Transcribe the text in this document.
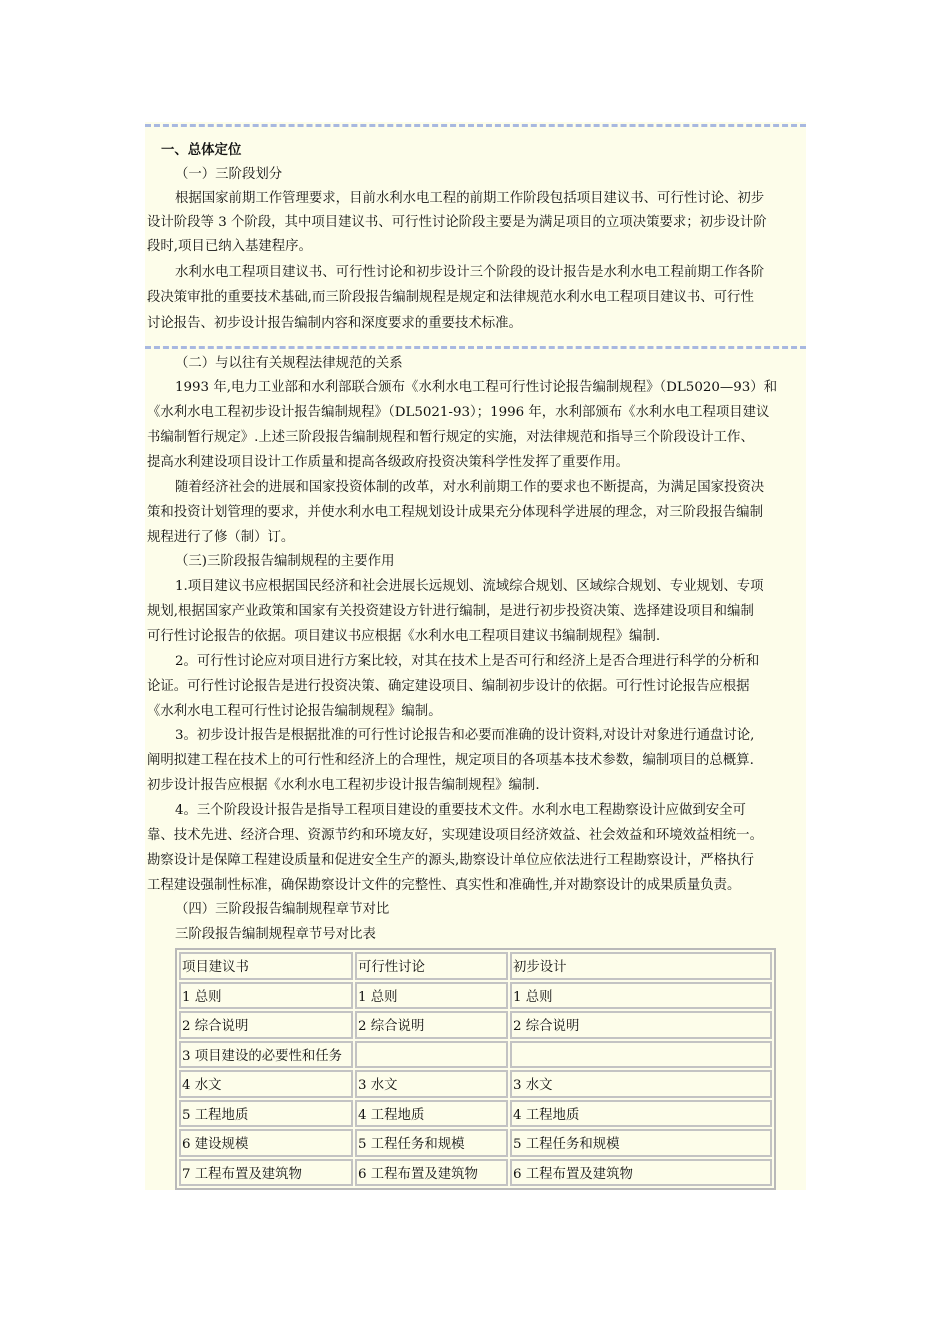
一、总体定位
（一）三阶段划分
根据国家前期工作管理要求，目前水利水电工程的前期工作阶段包括项目建议书、可行性讨论、初步
设计阶段等 3 个阶段，其中项目建议书、可行性讨论阶段主要是为满足项目的立项决策要求；初步设计阶
段时,项目已纳入基建程序。
水利水电工程项目建议书、可行性讨论和初步设计三个阶段的设计报告是水利水电工程前期工作各阶
段决策审批的重要技术基础,而三阶段报告编制规程是规定和法律规范水利水电工程项目建议书、可行性
讨论报告、初步设计报告编制内容和深度要求的重要技术标准。
（二）与以往有关规程法律规范的关系
1993 年,电力工业部和水利部联合颁布《水利水电工程可行性讨论报告编制规程》（DL5020—93）和
《水利水电工程初步设计报告编制规程》（DL5021-93）；1996 年，水利部颁布《水利水电工程项目建议
书编制暂行规定》.上述三阶段报告编制规程和暂行规定的实施，对法律规范和指导三个阶段设计工作、
提高水利建设项目设计工作质量和提高各级政府投资决策科学性发挥了重要作用。
随着经济社会的进展和国家投资体制的改革，对水利前期工作的要求也不断提高，为满足国家投资决
策和投资计划管理的要求，并使水利水电工程规划设计成果充分体现科学进展的理念，对三阶段报告编制
规程进行了修（制）订。
（三)三阶段报告编制规程的主要作用
1.项目建议书应根据国民经济和社会进展长远规划、流域综合规划、区域综合规划、专业规划、专项
规划,根据国家产业政策和国家有关投资建设方针进行编制，是进行初步投资决策、选择建设项目和编制
可行性讨论报告的依据。项目建议书应根据《水利水电工程项目建议书编制规程》编制.
2。可行性讨论应对项目进行方案比较，对其在技术上是否可行和经济上是否合理进行科学的分析和
论证。可行性讨论报告是进行投资决策、确定建设项目、编制初步设计的依据。可行性讨论报告应根据
《水利水电工程可行性讨论报告编制规程》编制。
3。初步设计报告是根据批准的可行性讨论报告和必要而准确的设计资料,对设计对象进行通盘讨论,
阐明拟建工程在技术上的可行性和经济上的合理性，规定项目的各项基本技术参数，编制项目的总概算.
初步设计报告应根据《水利水电工程初步设计报告编制规程》编制.
4。三个阶段设计报告是指导工程项目建设的重要技术文件。水利水电工程勘察设计应做到安全可
靠、技术先进、经济合理、资源节约和环境友好，实现建设项目经济效益、社会效益和环境效益相统一。
勘察设计是保障工程建设质量和促进安全生产的源头,勘察设计单位应依法进行工程勘察设计，严格执行
工程建设强制性标准，确保勘察设计文件的完整性、真实性和准确性,并对勘察设计的成果质量负责。
（四）三阶段报告编制规程章节对比
三阶段报告编制规程章节号对比表
项目建议书	可行性讨论	初步设计
1 总则	1 总则	1 总则
2 综合说明	2 综合说明	2 综合说明
3 项目建设的必要性和任务		
4 水文	3 水文	3 水文
5 工程地质	4 工程地质	4 工程地质
6 建设规模	5 工程任务和规模	5 工程任务和规模
7 工程布置及建筑物	6 工程布置及建筑物	6 工程布置及建筑物
